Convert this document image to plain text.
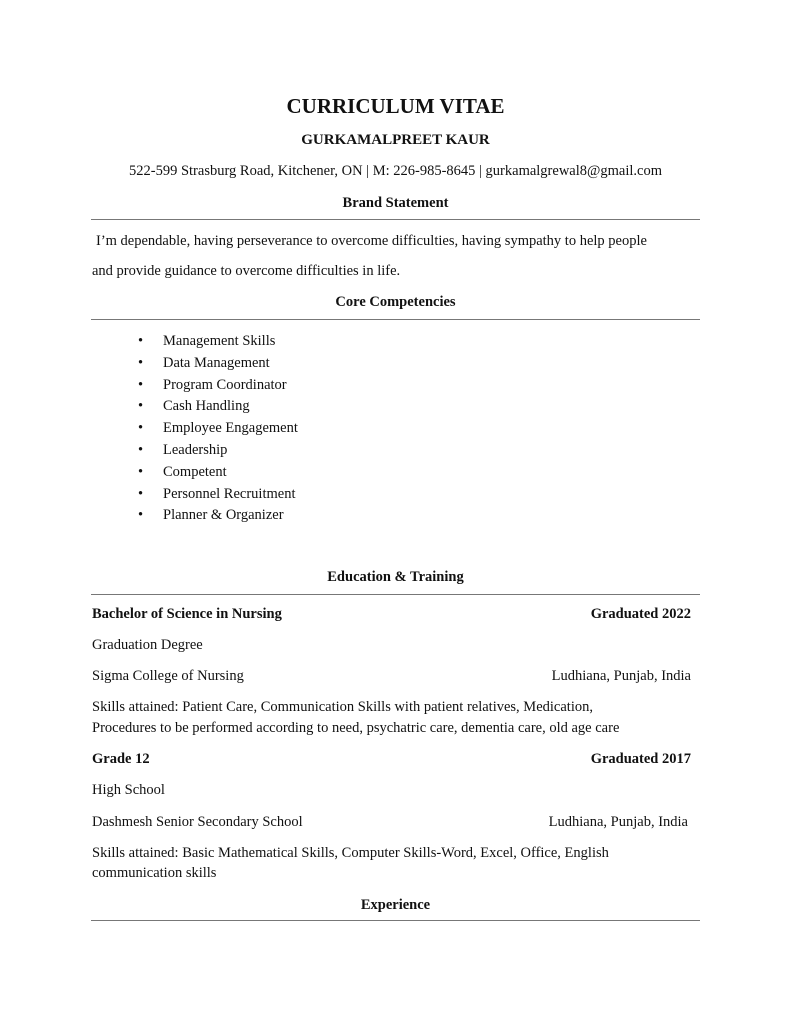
CURRICULUM VITAE
GURKAMALPREET KAUR
522-599 Strasburg Road, Kitchener, ON | M: 226-985-8645 | gurkamalgrewal8@gmail.com
Brand Statement
I’m dependable, having perseverance to overcome difficulties, having sympathy to help people
and provide guidance to overcome difficulties in life.
Core Competencies
• Management Skills
• Data Management
• Program Coordinator
• Cash Handling
• Employee Engagement
• Leadership
• Competent
• Personnel Recruitment
• Planner & Organizer
Education & Training
Bachelor of Science in Nursing	Graduated 2022
Graduation Degree
Sigma College of Nursing	Ludhiana, Punjab, India
Skills attained: Patient Care, Communication Skills with patient relatives, Medication,
Procedures to be performed according to need, psychatric care, dementia care, old age care
Grade 12	Graduated 2017
High School
Dashmesh Senior Secondary School	Ludhiana, Punjab, India
Skills attained: Basic Mathematical Skills, Computer Skills-Word, Excel, Office, English
communication skills
Experience
